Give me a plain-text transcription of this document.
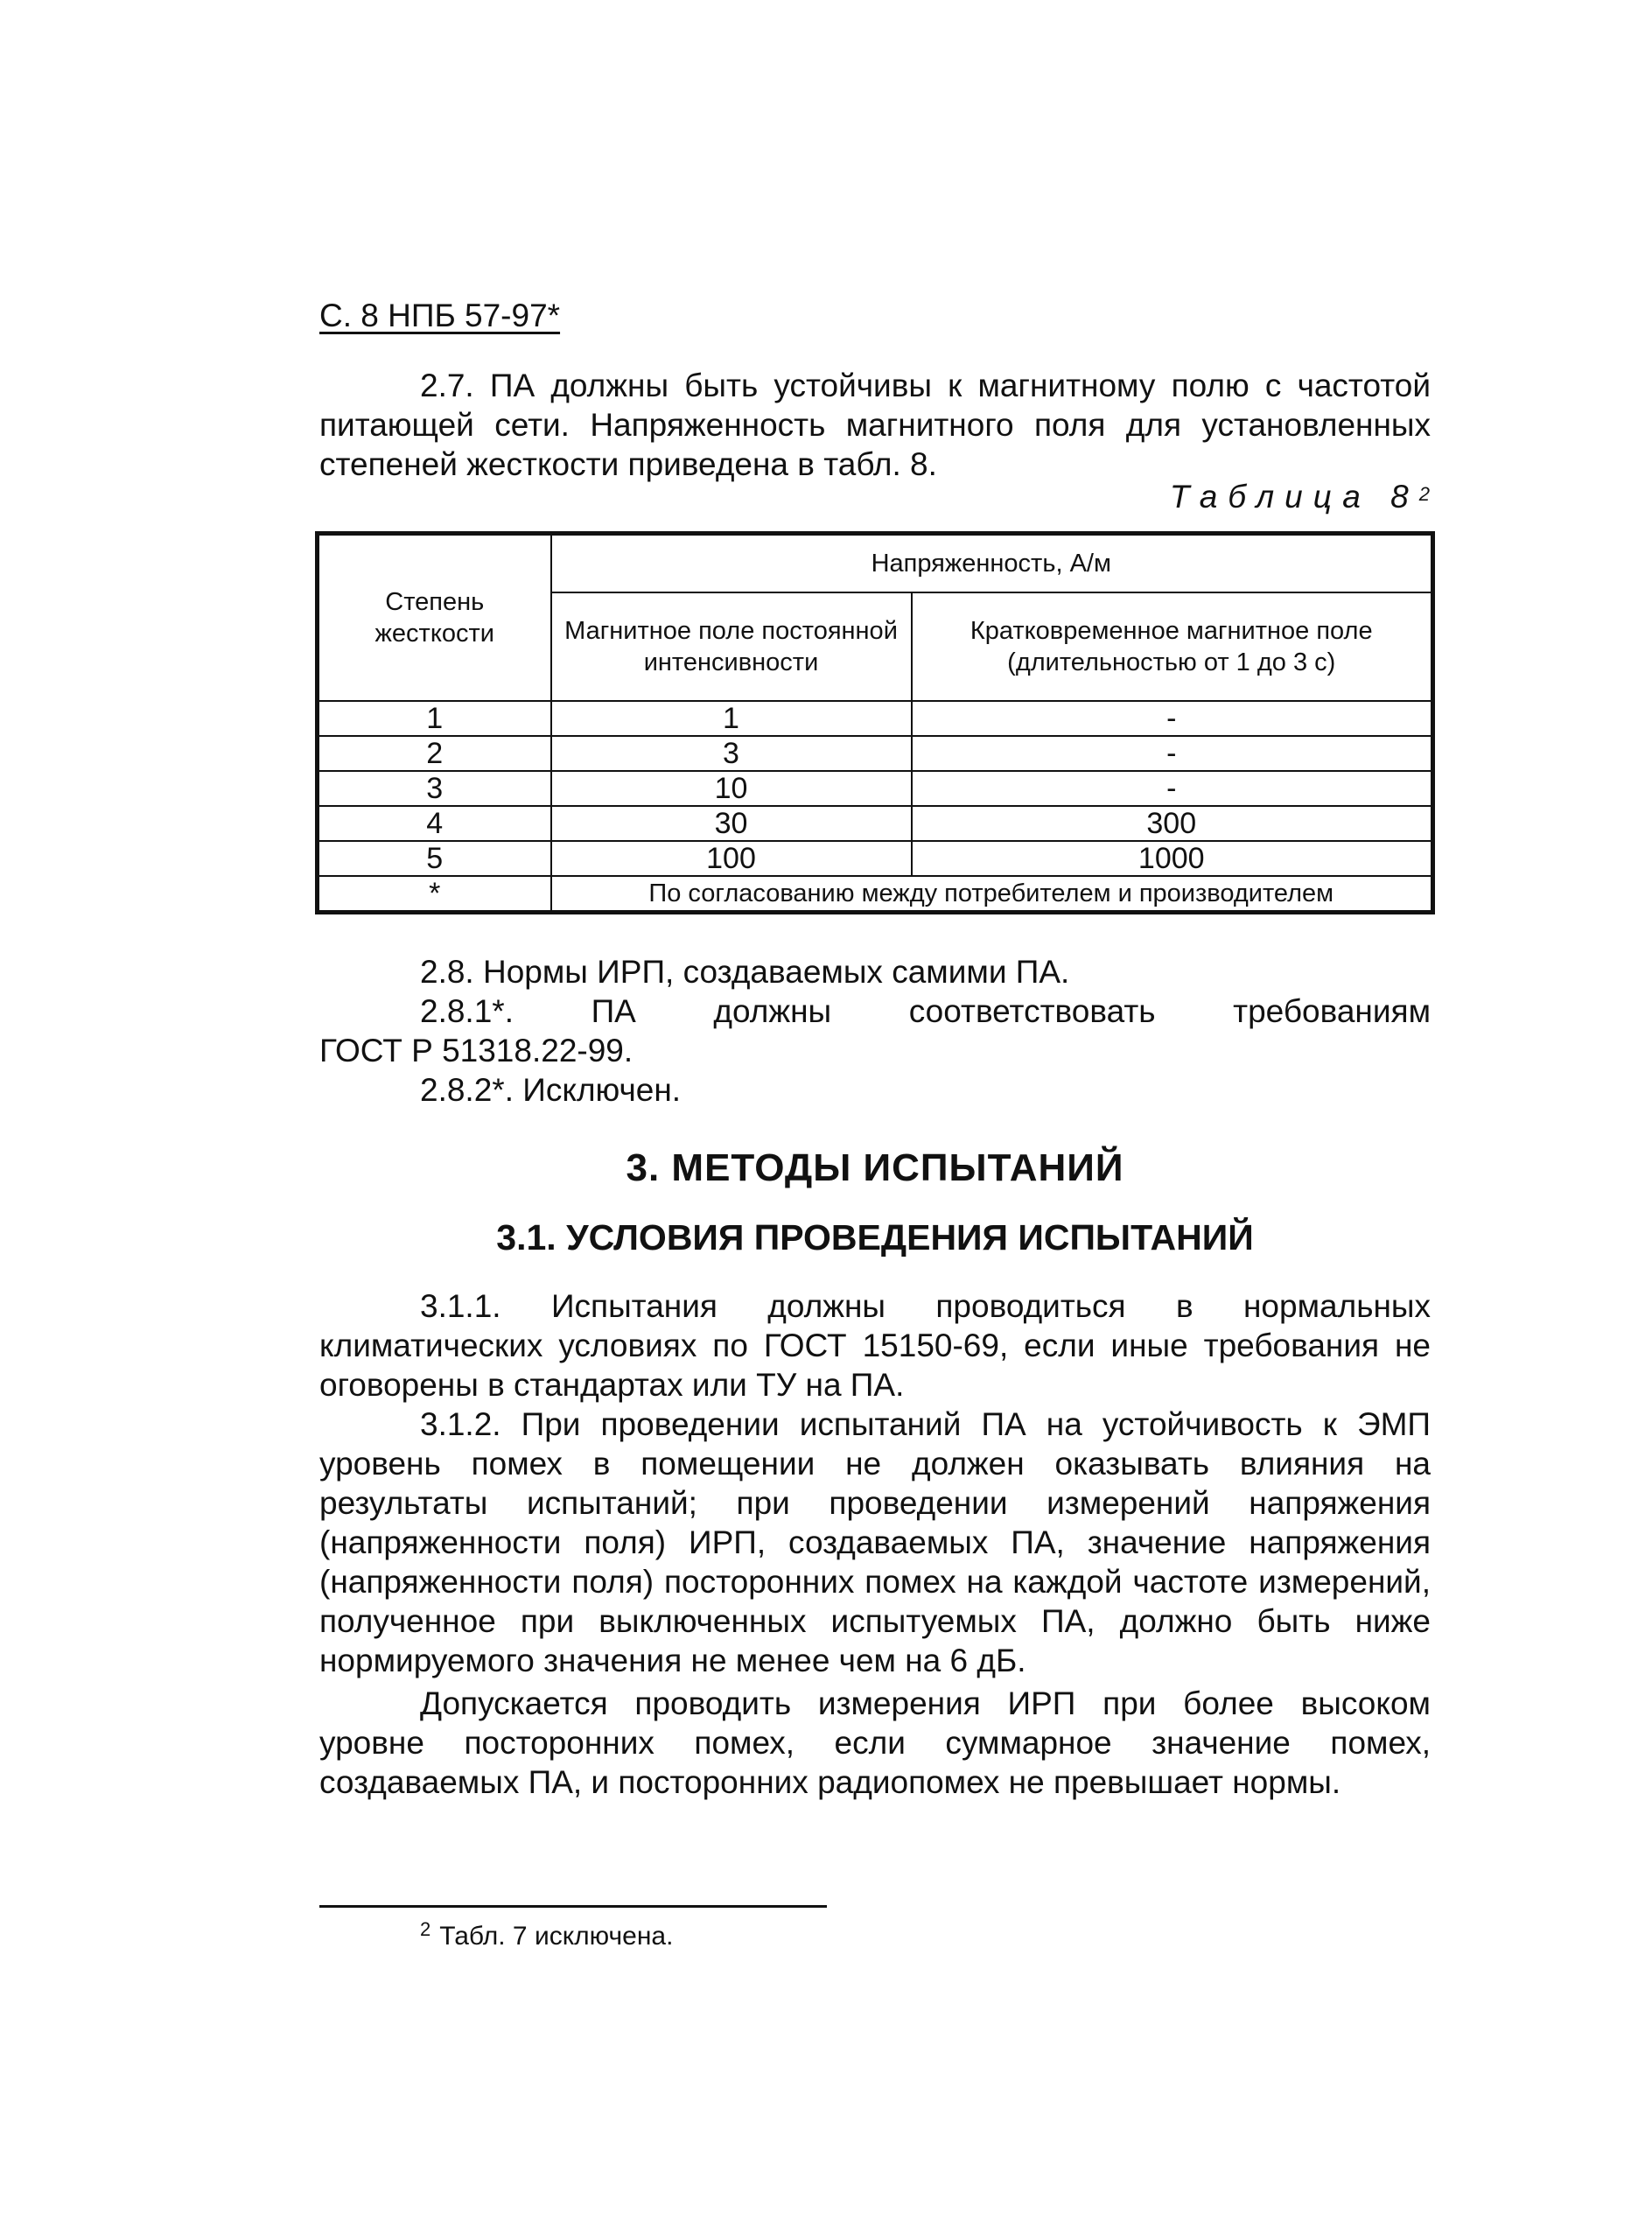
С. 8 НПБ 57-97*

2.7. ПА должны быть устойчивы к магнитному полю с частотой питающей сети. Напряженность магнитного поля для установленных степеней жесткости приведена в табл. 8.

Таблица $8^2$
Степень жесткости	Напряженность, А/м	
	Магнитное поле постоянной интенсивности	Кратковременное магнитное поле (длительностью от 1 до 3 с)
1	1	-
2	3	-
3	10	-
4	30	300
5	100	1000
*	По согласованию между потребителем и производителем	

2.8. Нормы ИРП, создаваемых самими ПА.

2.8.1*. ПА должны соответствовать требованиям

ГОСТ Р 51318.22-99.

2.8.2*. Исключен.

3. МЕТОДЫ ИСПЫТАНИЙ
3.1. УСЛОВИЯ ПРОВЕДЕНИЯ ИСПЫТАНИЙ

3.1.1. Испытания должны проводиться в нормальных климатических условиях по ГОСТ 15150-69, если иные требования не оговорены в стандартах или ТУ на ПА.

3.1.2. При проведении испытаний ПА на устойчивость к ЭМП уровень помех в помещении не должен оказывать влияния на результаты испытаний; при проведении измерений напряжения (напряженности поля) ИРП, создаваемых ПА, значение напряжения (напряженности поля) посторонних помех на каждой частоте измерений, полученное при выключенных испытуемых ПА, должно быть ниже нормируемого значения не менее чем на 6 дБ.

Допускается проводить измерения ИРП при более высоком уровне посторонних помех, если суммарное значение помех, создаваемых ПА, и посторонних радиопомех не превышает нормы.

$^2$ Табл. 7 исключена.
